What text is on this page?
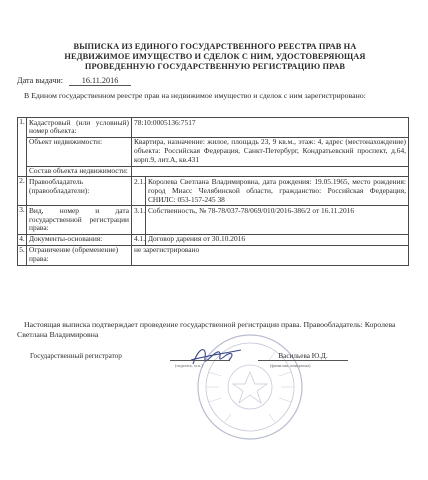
ВЫПИСКА ИЗ ЕДИНОГО ГОСУДАРСТВЕННОГО РЕЕСТРА ПРАВ НА
НЕДВИЖИМОЕ ИМУЩЕСТВО И СДЕЛОК С НИМ, УДОСТОВЕРЯЮЩАЯ
ПРОВЕДЕННУЮ ГОСУДАРСТВЕННУЮ РЕГИСТРАЦИЮ ПРАВ
Дата выдачи: 16.11.2016
В Едином государственном реестре прав на недвижимое имущество и сделок с ним зарегистрировано:
1.	Кадастровый (или условный) номер объекта:	78:10:0005136:7517	
	Объект недвижимости:	Квартира, назначение: жилое, площадь 23, 9 кв.м., этаж: 4, адрес (местонахождение) объекта: Российская Федерация, Санкт-Петербург, Кондратьевский проспект, д.64, корп.9, лит.А, кв.431	
	Состав объекта недвижимости:		
2.	Правообладатель (правообладатели):	2.1.	Королева Светлана Владимировна, дата рождения: 19.05.1965, место рождения: город Миасс Челябинской области, гражданство: Российская Федерация, СНИЛС: 053-157-245 38
3.	Вид, номер и дата государственной регистрации права:	3.1.	Собственность, № 78-78/037-78/069/010/2016-386/2 от 16.11.2016
4.	Документы-основания:	4.1.	Договор дарения от 30.10.2016
5.	Ограничение (обременение) права:	не зарегистрировано	
Настоящая выписка подтверждает проведение государственной регистрации права. Правообладатель: Королева Светлана Владимировна
Государственный регистратор
(подпись, м.п.)
Васильева Ю.Д.
(фамилия, инициалы)
